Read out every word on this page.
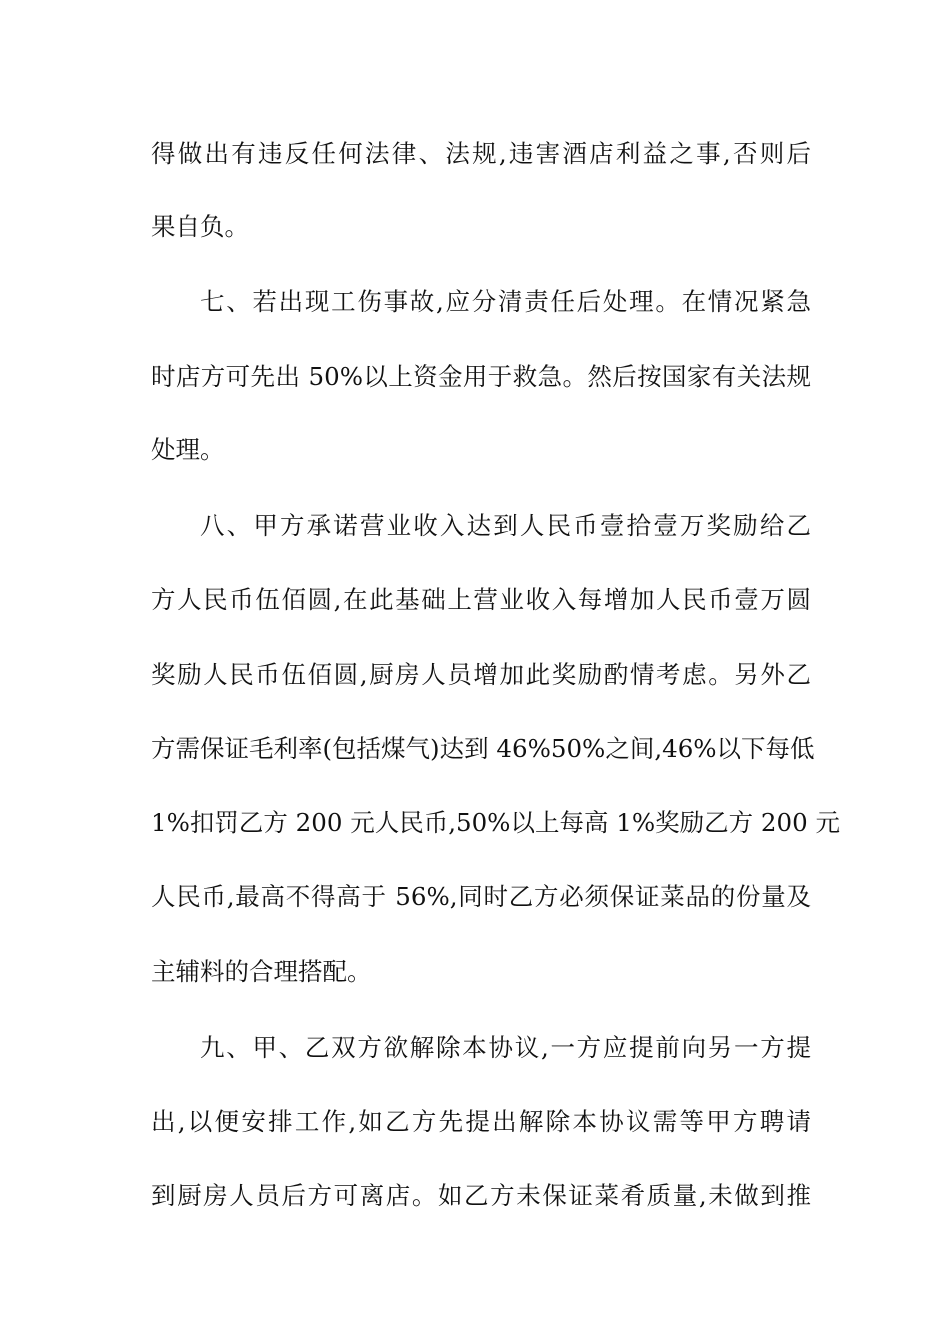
得做出有违反任何法律、法规,违害酒店利益之事,否则后
果自负。
七、若出现工伤事故,应分清责任后处理。在情况紧急
时店方可先出 50%以上资金用于救急。然后按国家有关法规
处理。
八、甲方承诺营业收入达到人民币壹拾壹万奖励给乙
方人民币伍佰圆,在此基础上营业收入每增加人民币壹万圆
奖励人民币伍佰圆,厨房人员增加此奖励酌情考虑。另外乙
方需保证毛利率(包括煤气)达到 46%50%之间,46%以下每低
1%扣罚乙方 200 元人民币,50%以上每高 1%奖励乙方 200 元
人民币,最高不得高于 56%,同时乙方必须保证菜品的份量及
主辅料的合理搭配。
九、甲、乙双方欲解除本协议,一方应提前向另一方提
出,以便安排工作,如乙方先提出解除本协议需等甲方聘请
到厨房人员后方可离店。如乙方未保证菜肴质量,未做到推
